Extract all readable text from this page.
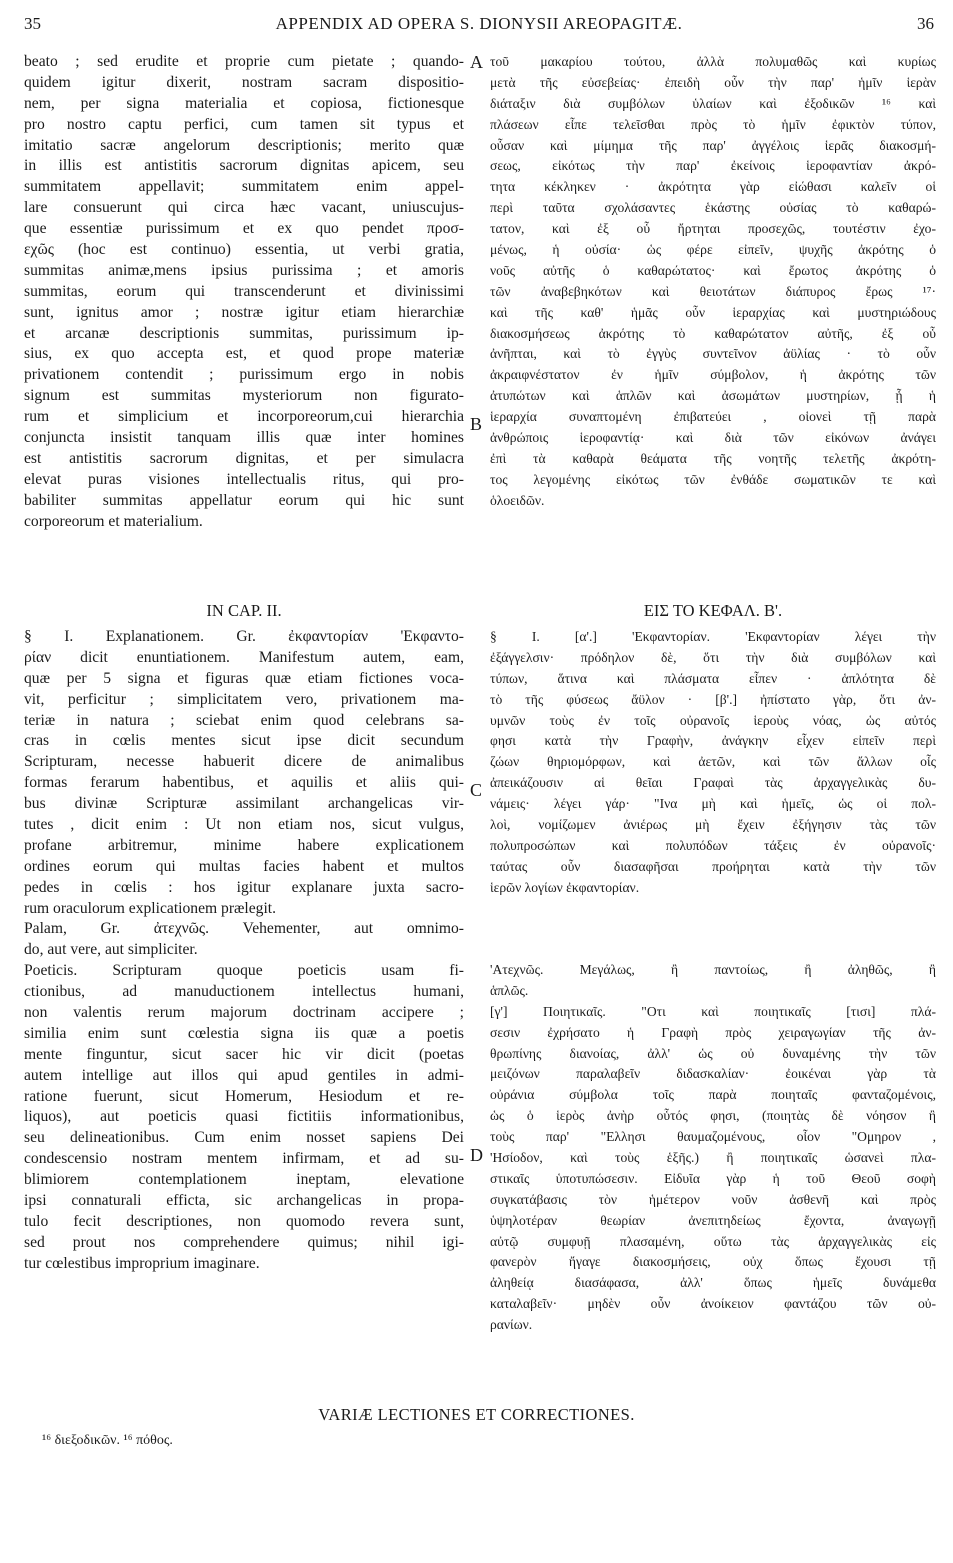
35	APPENDIX AD OPERA S. DIONYSII AREOPAGITÆ.	36
beato ; sed erudite et proprie cum pietate ; quando-
quidem igitur dixerit, nostram sacram dispositio-
nem, per signa materialia et copiosa, fictionesque
pro nostro captu perfici, cum tamen sit typus et
imitatio sacræ angelorum descriptionis; merito quæ
in illis est antistitis sacrorum dignitas apicem, seu
summitatem appellavit; summitatem enim appel-
lare consuerunt qui circa hæc vacant, uniuscujus-
que essentiæ purissimum et ex quo pendet προσ-
εχῶς (hoc est continuo) essentia, ut verbi gratia,
summitas animæ,mens ipsius purissima ; et amoris
summitas, eorum qui transcenderunt et divinissimi
sunt, ignitus amor ; nostræ igitur etiam hierarchiæ
et arcanæ descriptionis summitas, purissimum ip-
sius, ex quo accepta est, et quod prope materiæ
privationem contendit ; purissimum ergo in nobis
signum est summitas mysteriorum non figurato-
rum et simplicium et incorporeorum,cui hierarchia
conjuncta insistit tanquam illis quæ inter homines
est antistitis sacrorum dignitas, et per simulacra
elevat puras visiones intellectualis ritus, qui pro-
babiliter summitas appellatur eorum qui hic sunt
corporeorum et materialium.
τοῦ μακαρίου τούτου, ἀλλὰ πολυμαθῶς καὶ κυρίως
μετὰ τῆς εὐσεβείας· ἐπειδὴ οὖν τὴν παρ' ἡμῖν ἱερὰν
διάταξιν διὰ συμβόλων ὑλαίων καὶ ἐξοδικῶν ¹⁶ καὶ
πλάσεων εἶπε τελεῖσθαι πρὸς τὸ ἡμῖν ἐφικτὸν τύπον,
οὖσαν καὶ μίμημα τῆς παρ' ἀγγέλοις ἱερᾶς διακοσμή-
σεως, εἰκότως τὴν παρ' ἐκείνοις ἱεροφαντίαν ἀκρό-
τητα κέκληκεν · ἀκρότητα γὰρ εἰώθασι καλεῖν οἱ
περὶ ταῦτα σχολάσαντες ἑκάστης οὐσίας τὸ καθαρώ-
τατον, καὶ ἐξ οὗ ἤρτηται προσεχῶς, τουτέστιν ἐχο-
μένως, ἡ οὐσία· ὡς φέρε εἰπεῖν, ψυχῆς ἀκρότης ὁ
νοῦς αὐτῆς ὁ καθαρώτατος· καὶ ἔρωτος ἀκρότης ὁ
τῶν ἀναβεβηκότων καὶ θειοτάτων διάπυρος ἔρως ¹⁷·
καὶ τῆς καθ' ἡμᾶς οὖν ἱεραρχίας καὶ μυστηριώδους
διακοσμήσεως ἀκρότης τὸ καθαρώτατον αὐτῆς, ἐξ οὗ
ἀνῆπται, καὶ τὸ ἐγγὺς συντεῖνον ἀϋλίας · τὸ οὖν
ἀκραιφνέστατον ἐν ἡμῖν σύμβολον, ἡ ἀκρότης τῶν
ἀτυπώτων καὶ ἁπλῶν καὶ ἀσωμάτων μυστηρίων, ᾗ ἡ
ἱεραρχία συναπτομένη ἐπιβατεύει , οἱονεὶ τῇ παρὰ
ἀνθρώποις ἱεροφαντίᾳ· καὶ διὰ τῶν εἰκόνων ἀνάγει
ἐπὶ τὰ καθαρὰ θεάματα τῆς νοητῆς τελετῆς ἀκρότη-
τος λεγομένης εἰκότως τῶν ἐνθάδε σωματικῶν τε καὶ
ὁλοειδῶν.
A
B
C
D
IN CAP. II.	ΕΙΣ ΤΟ ΚΕΦΑΛ. Β'.
§ I. Explanationem. Gr. ἐκφαντορίαν 'Εκφαντο-
ρίαν dicit enuntiationem. Manifestum autem, eam,
quæ per 5 signa et figuras quæ etiam fictiones voca-
vit, perficitur ; simplicitatem vero, privationem ma-
teriæ in natura ; sciebat enim quod celebrans sa-
cras in cœlis mentes sicut ipse dicit secundum
Scripturam, necesse habuerit dicere de animalibus
formas ferarum habentibus, et aquilis et aliis qui-
bus divinæ Scripturæ assimilant archangelicas vir-
tutes , dicit enim : Ut non etiam nos, sicut vulgus,
profane arbitremur, minime habere explicationem
ordines eorum qui multas facies habent et multos
pedes in cœlis : hos igitur explanare juxta sacro-
rum oraculorum explicationem prælegit.
Palam, Gr. ἀτεχνῶς. Vehementer, aut omnimo-
do, aut vere, aut simpliciter.
Poeticis. Scripturam quoque poeticis usam fi-
ctionibus, ad manuductionem intellectus humani,
non valentis rerum majorum doctrinam accipere ;
similia enim sunt cœlestia signa iis quæ a poetis
mente finguntur, sicut sacer hic vir dicit (poetas
autem intellige aut illos qui apud gentiles in admi-
ratione fuerunt, sicut Homerum, Hesiodum et re-
liquos), aut poeticis quasi fictitiis informationibus,
seu delineationibus. Cum enim nosset sapiens Dei
condescensio nostram mentem infirmam, et ad su-
blimiorem contemplationem ineptam, elevatione
ipsi connaturali efficta, sic archangelicas in propa-
tulo fecit descriptiones, non quomodo revera sunt,
sed prout nos comprehendere quimus; nihil igi-
tur cœlestibus improprium imaginare.
§ I. [α'.] 'Εκφαντορίαν. 'Εκφαντορίαν λέγει τὴν
ἐξάγγελσιν· πρόδηλον δὲ, ὅτι τὴν διὰ συμβόλων καὶ
τύπων, ἅτινα καὶ πλάσματα εἶπεν · ἁπλότητα δὲ
τὸ τῆς φύσεως ἄϋλον · [β'.] ἠπίστατο γὰρ, ὅτι ἀν-
υμνῶν τοὺς ἐν τοῖς οὐρανοῖς ἱεροὺς νόας, ὡς αὐτός
φησι κατὰ τὴν Γραφὴν, ἀνάγκην εἶχεν εἰπεῖν περὶ
ζώων θηριομόρφων, καὶ ἀετῶν, καὶ τῶν ἄλλων οἷς
ἀπεικάζουσιν αἱ θεῖαι Γραφαὶ τὰς ἀρχαγγελικὰς δυ-
νάμεις· λέγει γάρ· "Ινα μὴ καὶ ἡμεῖς, ὡς οἱ πολ-
λοὶ, νομίζωμεν ἀνιέρως μὴ ἔχειν ἐξήγησιν τὰς τῶν
πολυπροσώπων καὶ πολυπόδων τάξεις ἐν οὐρανοῖς·
ταύτας οὖν διασαφῆσαι προήρηται κατὰ τὴν τῶν
ἱερῶν λογίων ἐκφαντορίαν.
'Ατεχνῶς. Μεγάλως, ἢ παντοίως, ἢ ἀληθῶς, ἢ
ἁπλῶς.
[γ'] Ποιητικαῖς. "Οτι καὶ ποιητικαῖς [τισι] πλά-
σεσιν ἐχρήσατο ἡ Γραφὴ πρὸς χειραγωγίαν τῆς ἀν-
θρωπίνης διανοίας, ἀλλ' ὡς οὐ δυναμένης τὴν τῶν
μειζόνων παραλαβεῖν διδασκαλίαν· ἐοικέναι γὰρ τὰ
οὐράνια σύμβολα τοῖς παρὰ ποιηταῖς φανταζομένοις,
ὡς ὁ ἱερὸς ἀνὴρ οὗτός φησι, (ποιητὰς δὲ νόησον ἢ
τοὺς παρ' "Ελλησι θαυμαζομένους, οἷον "Ομηρον ,
'Ησίοδον, καὶ τοὺς ἑξῆς.) ἢ ποιητικαῖς ὡσανεὶ πλα-
στικαῖς ὑποτυπώσεσιν. Εἰδυῖα γὰρ ἡ τοῦ Θεοῦ σοφὴ
συγκατάβασις τὸν ἡμέτερον νοῦν ἀσθενῆ καὶ πρὸς
ὑψηλοτέραν θεωρίαν ἀνεπιτηδείως ἔχοντα, ἀναγωγῇ
αὐτῷ συμφυῇ πλασαμένη, οὕτω τὰς ἀρχαγγελικὰς εἰς
φανερὸν ἤγαγε διακοσμήσεις, οὐχ ὅπως ἔχουσι τῇ
ἀληθείᾳ διασάφασα, ἀλλ' ὅπως ἡμεῖς δυνάμεθα
καταλαβεῖν· μηδὲν οὖν ἀνοίκειον φαντάζου τῶν οὐ-
ρανίων.
VARIÆ LECTIONES ET CORRECTIONES.
¹⁶ διεξοδικῶν. ¹⁶ πόθος.
